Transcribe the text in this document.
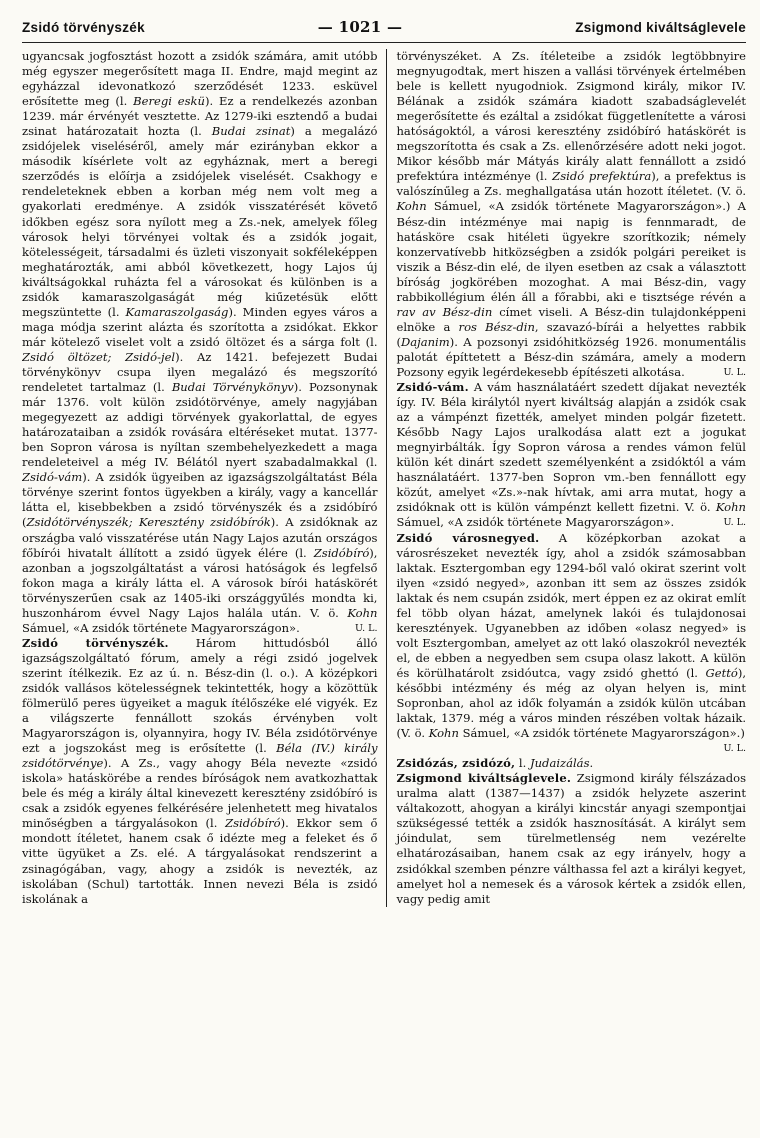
Zsidó törvényszék	— 1021 —	Zsigmond kiváltságlevele

ugyancsak jogfosztást hozott a zsidók számára, amit utóbb még egyszer megerősített maga II. Endre, majd megint az egyházzal idevonatkozó szerződését 1233. esküvel erősítette meg (l. Beregi eskü). Ez a rendelkezés azonban 1239. már érvényét vesztette. Az 1279-iki esztendő a budai zsinat határozatait hozta (l. Budai zsinat) a megalázó zsidójelek viseléséről, amely már ezirányban ekkor a második kísérlete volt az egyháznak, mert a beregi szerződés is előírja a zsidójelek viselését. Csakhogy e rendeleteknek ebben a korban még nem volt meg a gyakorlati eredménye. A zsidók visszatérését követő időkben egész sora nyílott meg a Zs.-nek, amelyek főleg városok helyi törvényei voltak és a zsidók jogait, kötelességeit, társadalmi és üzleti viszonyait sokféleképpen meghatározták, ami abból következett, hogy Lajos új kiváltságokkal ruházta fel a városokat és különben is a zsidók kamaraszolgaságát még kiűzetésük előtt megszüntette (l. Kamaraszolgaság). Minden egyes város a maga módja szerint alázta és szorította a zsidókat. Ekkor már kötelező viselet volt a zsidó öltözet és a sárga folt (l. Zsidó öltözet; Zsidó-jel). Az 1421. befejezett Budai törvénykönyv csupa ilyen megalázó és megszorító rendeletet tartalmaz (l. Budai Törvénykönyv). Pozsonynak már 1376. volt külön zsidótörvénye, amely nagyjában megegyezett az addigi törvények gyakorlattal, de egyes határozataiban a zsidók rovására eltéréseket mutat. 1377-ben Sopron városa is nyíltan szembehelyezkedett a maga rendeleteivel a még IV. Bélától nyert szabadalmakkal (l. Zsidó-vám). A zsidók ügyeiben az igazságszolgáltatást Béla törvénye szerint fontos ügyekben a király, vagy a kancellár látta el, kisebbekben a zsidó törvényszék és a zsidóbíró (Zsidótörvényszék; Keresztény zsidóbírók). A zsidóknak az országba való visszatérése után Nagy Lajos azután országos főbírói hivatalt állított a zsidó ügyek élére (l. Zsidóbíró), azonban a jogszolgáltatást a városi hatóságok és legfelső fokon maga a király látta el. A városok bírói hatáskörét törvényszerűen csak az 1405-iki országgyűlés mondta ki, huszonhárom évvel Nagy Lajos halála után. V. ö. Kohn Sámuel, «A zsidók története Magyarországon».	U. L.

Zsidó törvényszék. Három hittudósból álló igazságszolgáltató fórum, amely a régi zsidó jogelvek szerint ítélkezik. Ez az ú. n. Bész-din (l. o.). A középkori zsidók vallásos kötelességnek tekintették, hogy a közöttük fölmerülő peres ügyeiket a maguk ítélőszéke elé vigyék. Ez a világszerte fennállott szokás érvényben volt Magyarországon is, olyannyira, hogy IV. Béla zsidótörvénye ezt a jogszokást meg is erősítette (l. Béla (IV.) király zsidótörvénye). A Zs., vagy ahogy Béla nevezte «zsidó iskola» hatáskörébe a rendes bíróságok nem avatkozhattak bele és még a király által kinevezett keresztény zsidóbíró is csak a zsidók egyenes felkérésére jelenhetett meg hivatalos minőségben a tárgyalásokon (l. Zsidóbíró). Ekkor sem ő mondott ítéletet, hanem csak ő idézte meg a feleket és ő vitte ügyüket a Zs. elé. A tárgyalásokat rendszerint a zsinagógában, vagy, ahogy a zsidók is nevezték, az iskolában (Schul) tartották. Innen nevezi Béla is zsidó iskolának a

törvényszéket. A Zs. ítéleteibe a zsidók legtöbbnyire megnyugodtak, mert hiszen a vallási törvények értelmében bele is kellett nyugodniok. Zsigmond király, mikor IV. Bélának a zsidók számára kiadott szabadságlevelét megerősítette és ezáltal a zsidókat függetlenítette a városi hatóságoktól, a városi keresztény zsidóbíró hatáskörét is megszorította és csak a Zs. ellenőrzésére adott neki jogot. Mikor később már Mátyás király alatt fennállott a zsidó prefektúra intézménye (l. Zsidó prefektúra), a prefektus is valószínűleg a Zs. meghallgatása után hozott ítéletet. (V. ö. Kohn Sámuel, «A zsidók története Magyarországon».) A Bész-din intézménye mai napig is fennmaradt, de hatásköre csak hitéleti ügyekre szorítkozik; némely konzervatívebb hitközségben a zsidók polgári pereiket is viszik a Bész-din elé, de ilyen esetben az csak a választott bíróság jogkörében mozoghat. A mai Bész-din, vagy rabbikollégium élén áll a főrabbi, aki e tisztsége révén a rav av Bész-din címet viseli. A Bész-din tulajdonképpeni elnöke a ros Bész-din, szavazó-bírái a helyettes rabbik (Dajanim). A pozsonyi zsidóhitközség 1926. monumentális palotát építtetett a Bész-din számára, amely a modern Pozsony egyik legérdekesebb építészeti alkotása.	U. L.

Zsidó-vám. A vám használatáért szedett díjakat nevezték így. IV. Béla királytól nyert kiváltság alapján a zsidók csak az a vámpénzt fizették, amelyet minden polgár fizetett. Később Nagy Lajos uralkodása alatt ezt a jogukat megnyirbálták. Így Sopron városa a rendes vámon felül külön két dinárt szedett személyenként a zsidóktól a vám használatáért. 1377-ben Sopron vm.-ben fennállott egy közút, amelyet «Zs.»-nak hívtak, ami arra mutat, hogy a zsidóknak ott is külön vámpénzt kellett fizetni. V. ö. Kohn Sámuel, «A zsidók története Magyarországon».	U. L.

Zsidó városnegyed. A középkorban azokat a városrészeket nevezték így, ahol a zsidók számosabban laktak. Esztergomban egy 1294-ből való okirat szerint volt ilyen «zsidó negyed», azonban itt sem az összes zsidók laktak és nem csupán zsidók, mert éppen ez az okirat említ fel több olyan házat, amelynek lakói és tulajdonosai keresztények. Ugyanebben az időben «olasz negyed» is volt Esztergomban, amelyet az ott lakó olaszokról nevezték el, de ebben a negyedben sem csupa olasz lakott. A külön és körülhatárolt zsidóutca, vagy zsidó ghettó (l. Gettó), későbbi intézmény és még az olyan helyen is, mint Sopronban, ahol az idők folyamán a zsidók külön utcában laktak, 1379. még a város minden részében voltak házaik. (V. ö. Kohn Sámuel, «A zsidók története Magyarországon».)
U. L.

Zsidózás, zsidózó, l. Judaizálás.

Zsigmond kiváltságlevele. Zsigmond király félszázados uralma alatt (1387—1437) a zsidók helyzete aszerint váltakozott, ahogyan a királyi kincstár anyagi szempontjai szükségessé tették a zsidók hasznosítását. A királyt sem jóindulat, sem türelmetlenség nem vezérelte elhatározásaiban, hanem csak az egy irányelv, hogy a zsidókkal szemben pénzre válthassa fel azt a királyi kegyet, amelyet hol a nemesek és a városok kértek a zsidók ellen, vagy pedig amit
